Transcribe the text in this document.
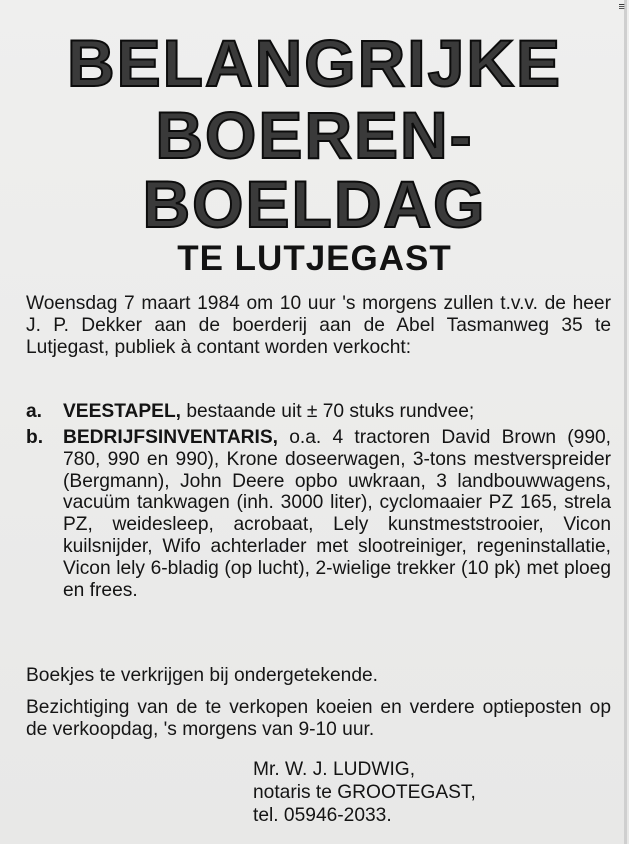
≡
BELANGRIJKE
BOEREN-
BOELDAG
TE LUTJEGAST
Woensdag 7 maart 1984 om 10 uur 's morgens zullen t.v.v. de heer J. P. Dekker aan de boerderij aan de Abel Tasmanweg 35 te Lutjegast, publiek à contant worden verkocht:
a.	VEESTAPEL, bestaande uit ± 70 stuks rundvee;
b.	BEDRIJFSINVENTARIS, o.a. 4 tractoren David Brown (990, 780, 990 en 990), Krone doseerwagen, 3-tons mestverspreider (Bergmann), John Deere opbo uwkraan, 3 landbouwwagens, vacuüm tankwagen (inh. 3000 liter), cyclomaaier PZ 165, strela PZ, weidesleep, acrobaat, Lely kunstmeststrooier, Vicon kuilsnijder, Wifo achterlader met slootreiniger, regeninstallatie, Vicon lely 6-bladig (op lucht), 2-wielige trekker (10 pk) met ploeg en frees.
Boekjes te verkrijgen bij ondergetekende.
Bezichtiging van de te verkopen koeien en verdere optieposten op de verkoopdag, 's morgens van 9-10 uur.
Mr. W. J. LUDWIG,
notaris te GROOTEGAST,
tel. 05946-2033.
